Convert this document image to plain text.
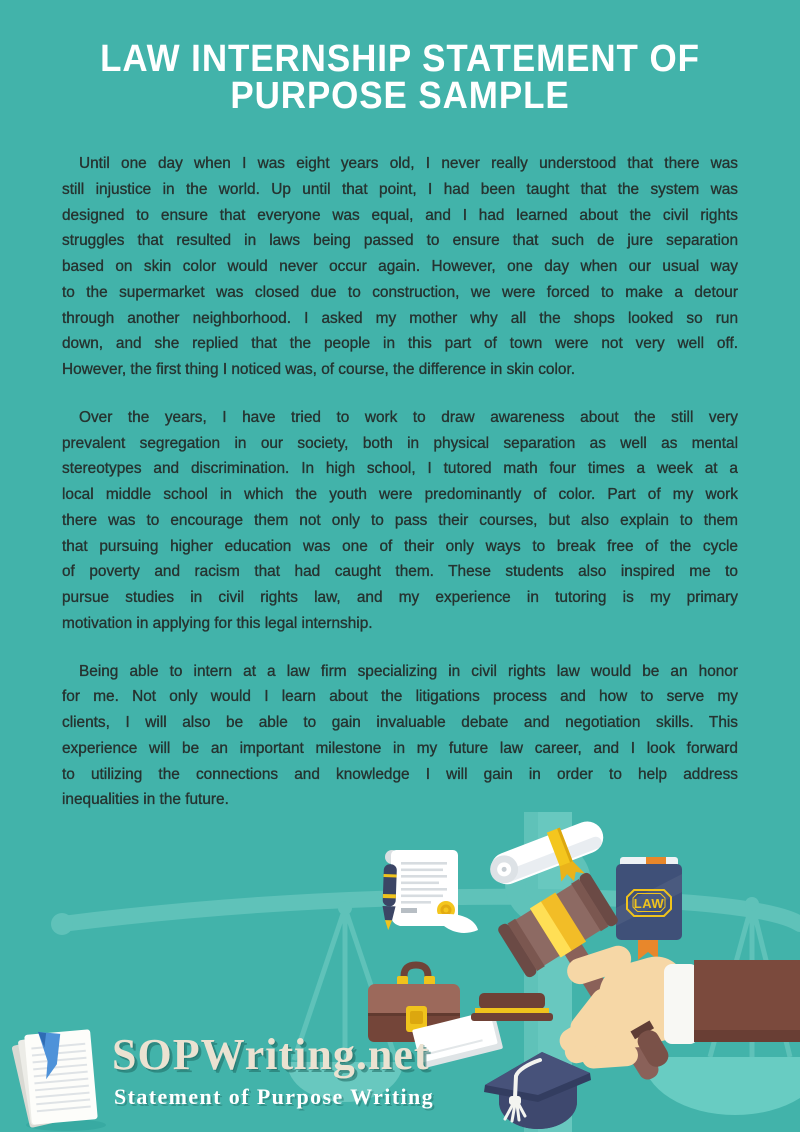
LAW INTERNSHIP STATEMENT OF
PURPOSE SAMPLE
Until one day when I was eight years old, I never really understood that there was
still injustice in the world. Up until that point, I had been taught that the system was
designed to ensure that everyone was equal, and I had learned about the civil rights
struggles that resulted in laws being passed to ensure that such de jure separation
based on skin color would never occur again. However, one day when our usual way
to the supermarket was closed due to construction, we were forced to make a detour
through another neighborhood. I asked my mother why all the shops looked so run
down, and she replied that the people in this part of town were not very well off.
However, the first thing I noticed was, of course, the difference in skin color.
Over the years, I have tried to work to draw awareness about the still very
prevalent segregation in our society, both in physical separation as well as mental
stereotypes and discrimination. In high school, I tutored math four times a week at a
local middle school in which the youth were predominantly of color. Part of my work
there was to encourage them not only to pass their courses, but also explain to them
that pursuing higher education was one of their only ways to break free of the cycle
of poverty and racism that had caught them. These students also inspired me to
pursue studies in civil rights law, and my experience in tutoring is my primary
motivation in applying for this legal internship.
Being able to intern at a law firm specializing in civil rights law would be an honor
for me. Not only would I learn about the litigations process and how to serve my
clients, I will also be able to gain invaluable debate and negotiation skills. This
experience will be an important milestone in my future law career, and I look forward
to utilizing the connections and knowledge I will gain in order to help address
inequalities in the future.
LAW
SOPWriting.net
Statement of Purpose Writing
